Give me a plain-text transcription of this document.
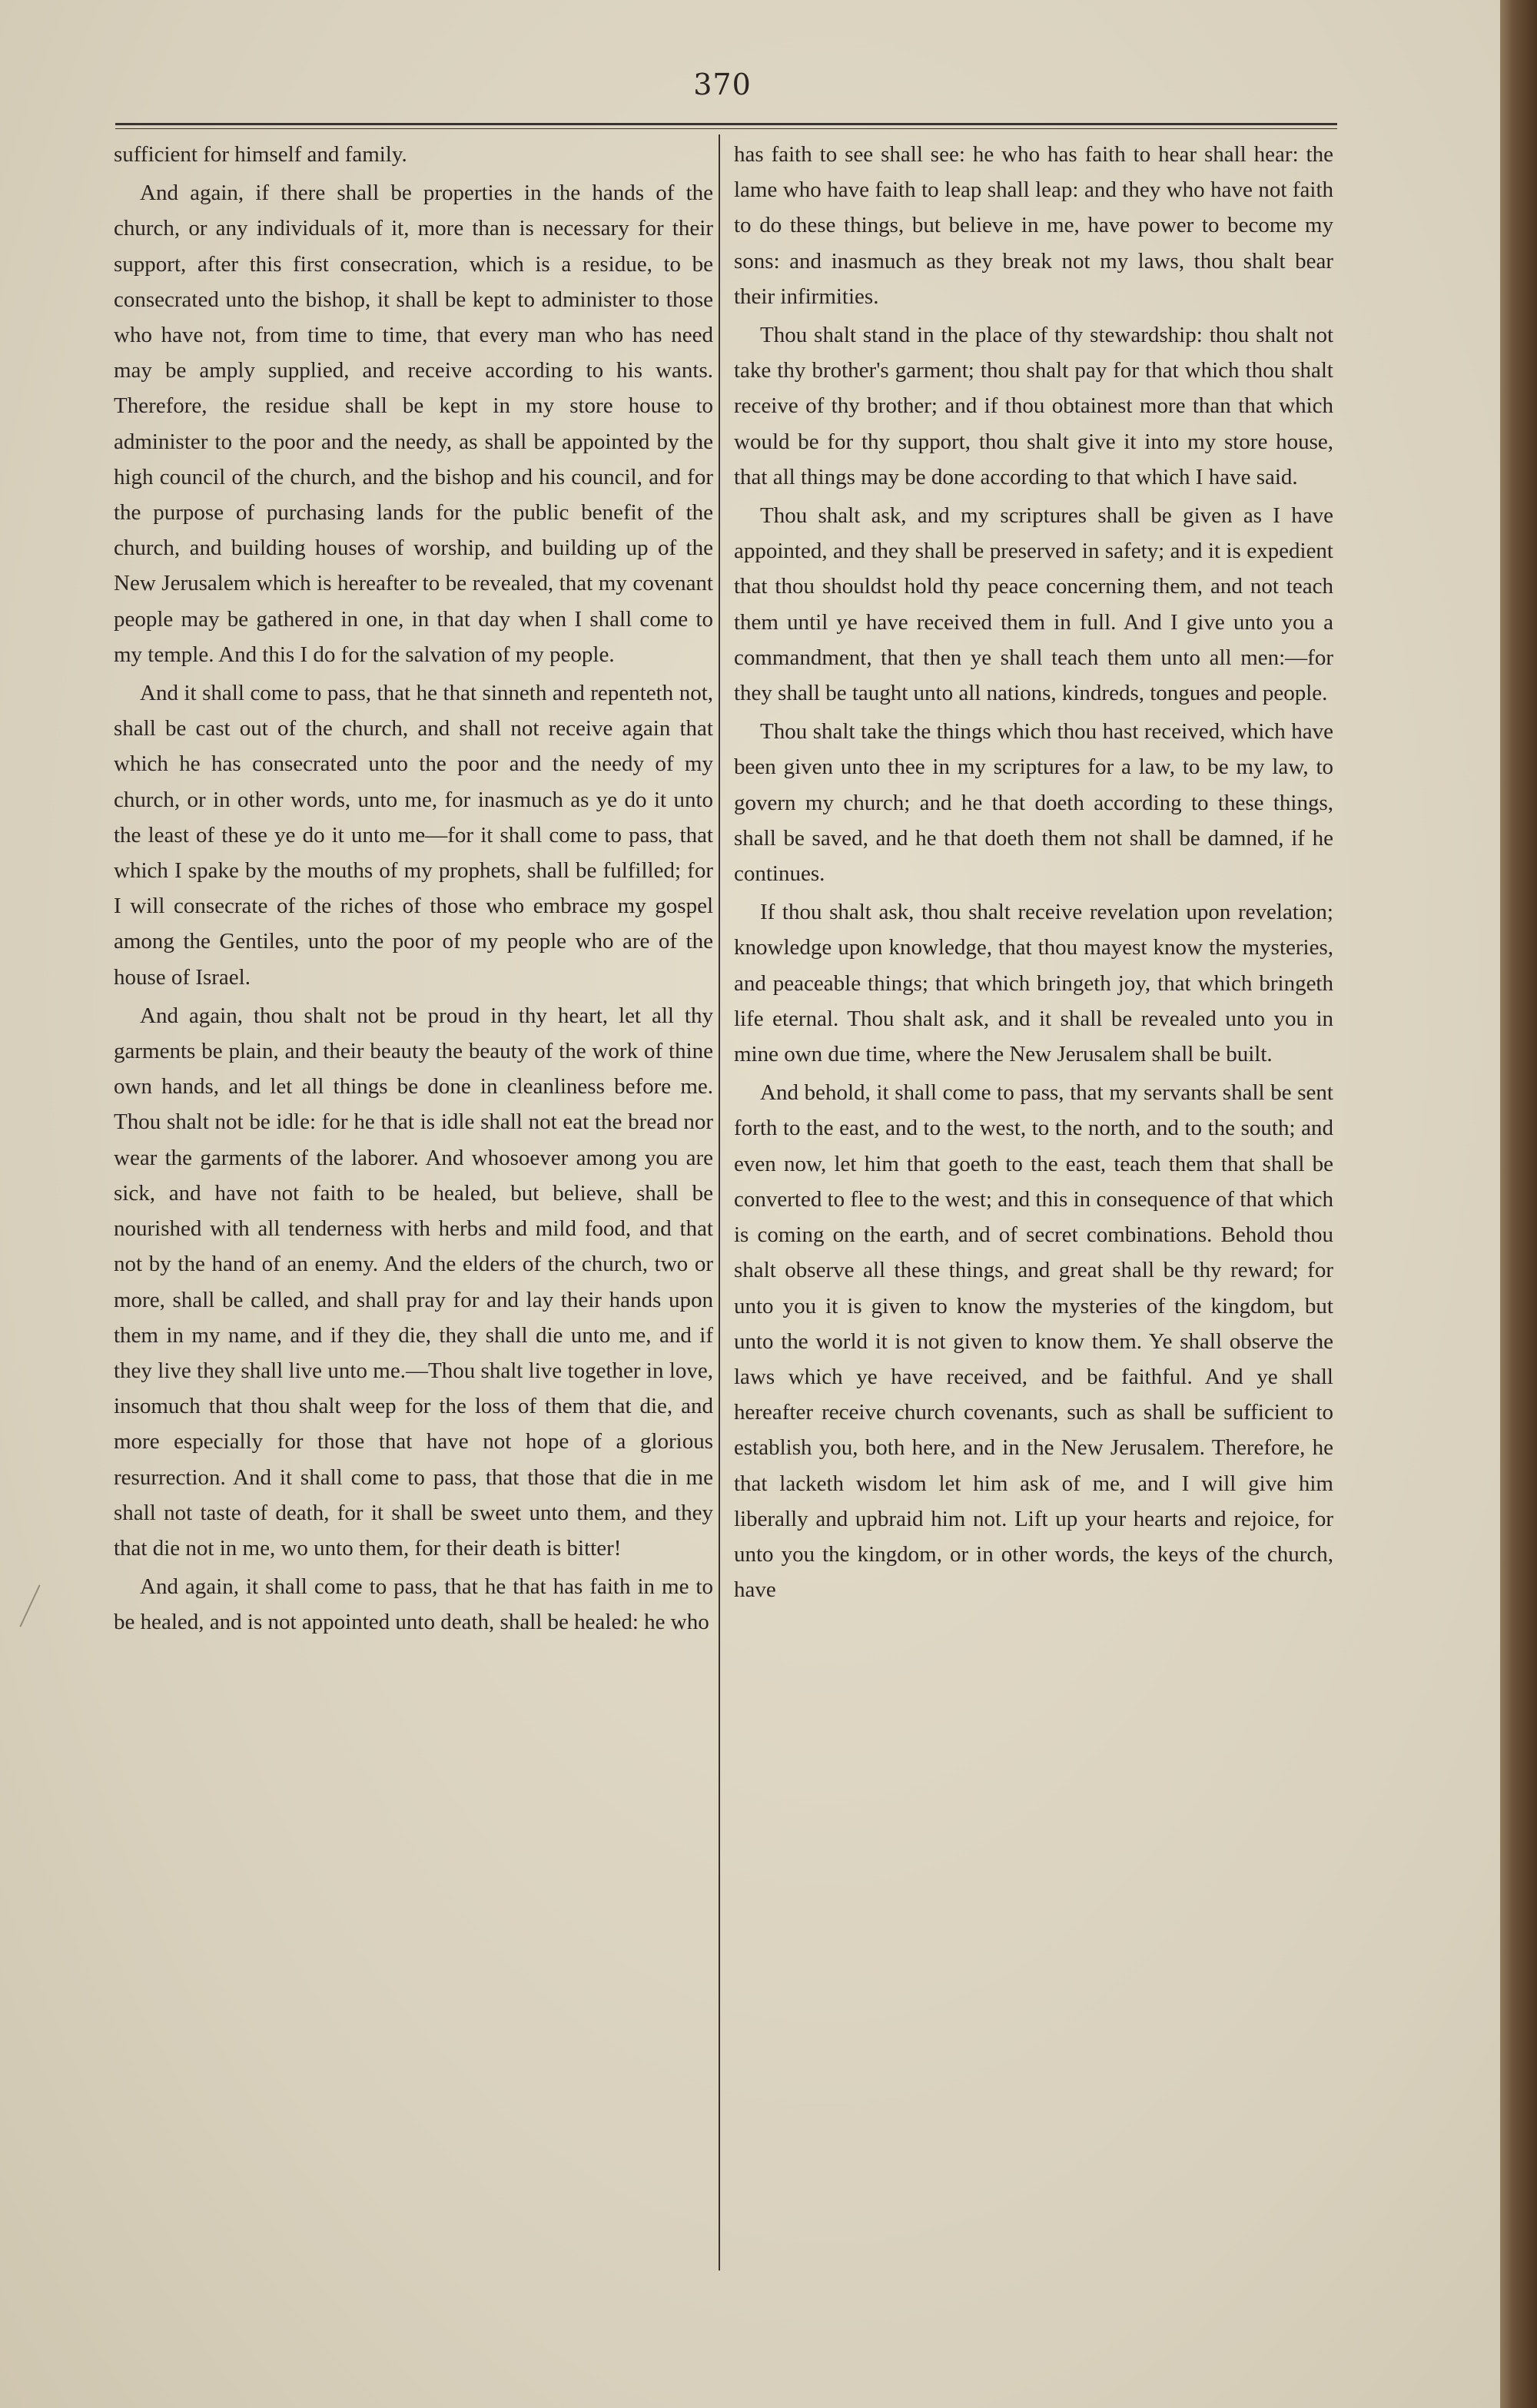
370

sufficient for himself and family.

And again, if there shall be properties in the hands of the church, or any individuals of it, more than is necessary for their support, after this first consecration, which is a residue, to be consecrated unto the bishop, it shall be kept to administer to those who have not, from time to time, that every man who has need may be amply supplied, and receive according to his wants. Therefore, the residue shall be kept in my store house to administer to the poor and the needy, as shall be appointed by the high council of the church, and the bishop and his council, and for the purpose of purchasing lands for the public benefit of the church, and building houses of worship, and building up of the New Jerusalem which is hereafter to be revealed, that my covenant people may be gathered in one, in that day when I shall come to my temple. And this I do for the salvation of my people.

And it shall come to pass, that he that sinneth and repenteth not, shall be cast out of the church, and shall not receive again that which he has consecrated unto the poor and the needy of my church, or in other words, unto me, for inasmuch as ye do it unto the least of these ye do it unto me—for it shall come to pass, that which I spake by the mouths of my prophets, shall be fulfilled; for I will consecrate of the riches of those who embrace my gospel among the Gentiles, unto the poor of my people who are of the house of Israel.

And again, thou shalt not be proud in thy heart, let all thy garments be plain, and their beauty the beauty of the work of thine own hands, and let all things be done in cleanliness before me. Thou shalt not be idle: for he that is idle shall not eat the bread nor wear the garments of the laborer. And whosoever among you are sick, and have not faith to be healed, but believe, shall be nourished with all tenderness with herbs and mild food, and that not by the hand of an enemy. And the elders of the church, two or more, shall be called, and shall pray for and lay their hands upon them in my name, and if they die, they shall die unto me, and if they live they shall live unto me.—Thou shalt live together in love, insomuch that thou shalt weep for the loss of them that die, and more especially for those that have not hope of a glorious resurrection. And it shall come to pass, that those that die in me shall not taste of death, for it shall be sweet unto them, and they that die not in me, wo unto them, for their death is bitter!

And again, it shall come to pass, that he that has faith in me to be healed, and is not appointed unto death, shall be healed: he who

has faith to see shall see: he who has faith to hear shall hear: the lame who have faith to leap shall leap: and they who have not faith to do these things, but believe in me, have power to become my sons: and inasmuch as they break not my laws, thou shalt bear their infirmities.

Thou shalt stand in the place of thy stewardship: thou shalt not take thy brother's garment; thou shalt pay for that which thou shalt receive of thy brother; and if thou obtainest more than that which would be for thy support, thou shalt give it into my store house, that all things may be done according to that which I have said.

Thou shalt ask, and my scriptures shall be given as I have appointed, and they shall be preserved in safety; and it is expedient that thou shouldst hold thy peace concerning them, and not teach them until ye have received them in full. And I give unto you a commandment, that then ye shall teach them unto all men:—for they shall be taught unto all nations, kindreds, tongues and people.

Thou shalt take the things which thou hast received, which have been given unto thee in my scriptures for a law, to be my law, to govern my church; and he that doeth according to these things, shall be saved, and he that doeth them not shall be damned, if he continues.

If thou shalt ask, thou shalt receive revelation upon revelation; knowledge upon knowledge, that thou mayest know the mysteries, and peaceable things; that which bringeth joy, that which bringeth life eternal. Thou shalt ask, and it shall be revealed unto you in mine own due time, where the New Jerusalem shall be built.

And behold, it shall come to pass, that my servants shall be sent forth to the east, and to the west, to the north, and to the south; and even now, let him that goeth to the east, teach them that shall be converted to flee to the west; and this in consequence of that which is coming on the earth, and of secret combinations. Behold thou shalt observe all these things, and great shall be thy reward; for unto you it is given to know the mysteries of the kingdom, but unto the world it is not given to know them. Ye shall observe the laws which ye have received, and be faithful. And ye shall hereafter receive church covenants, such as shall be sufficient to establish you, both here, and in the New Jerusalem. Therefore, he that lacketh wisdom let him ask of me, and I will give him liberally and upbraid him not. Lift up your hearts and rejoice, for unto you the kingdom, or in other words, the keys of the church, have
